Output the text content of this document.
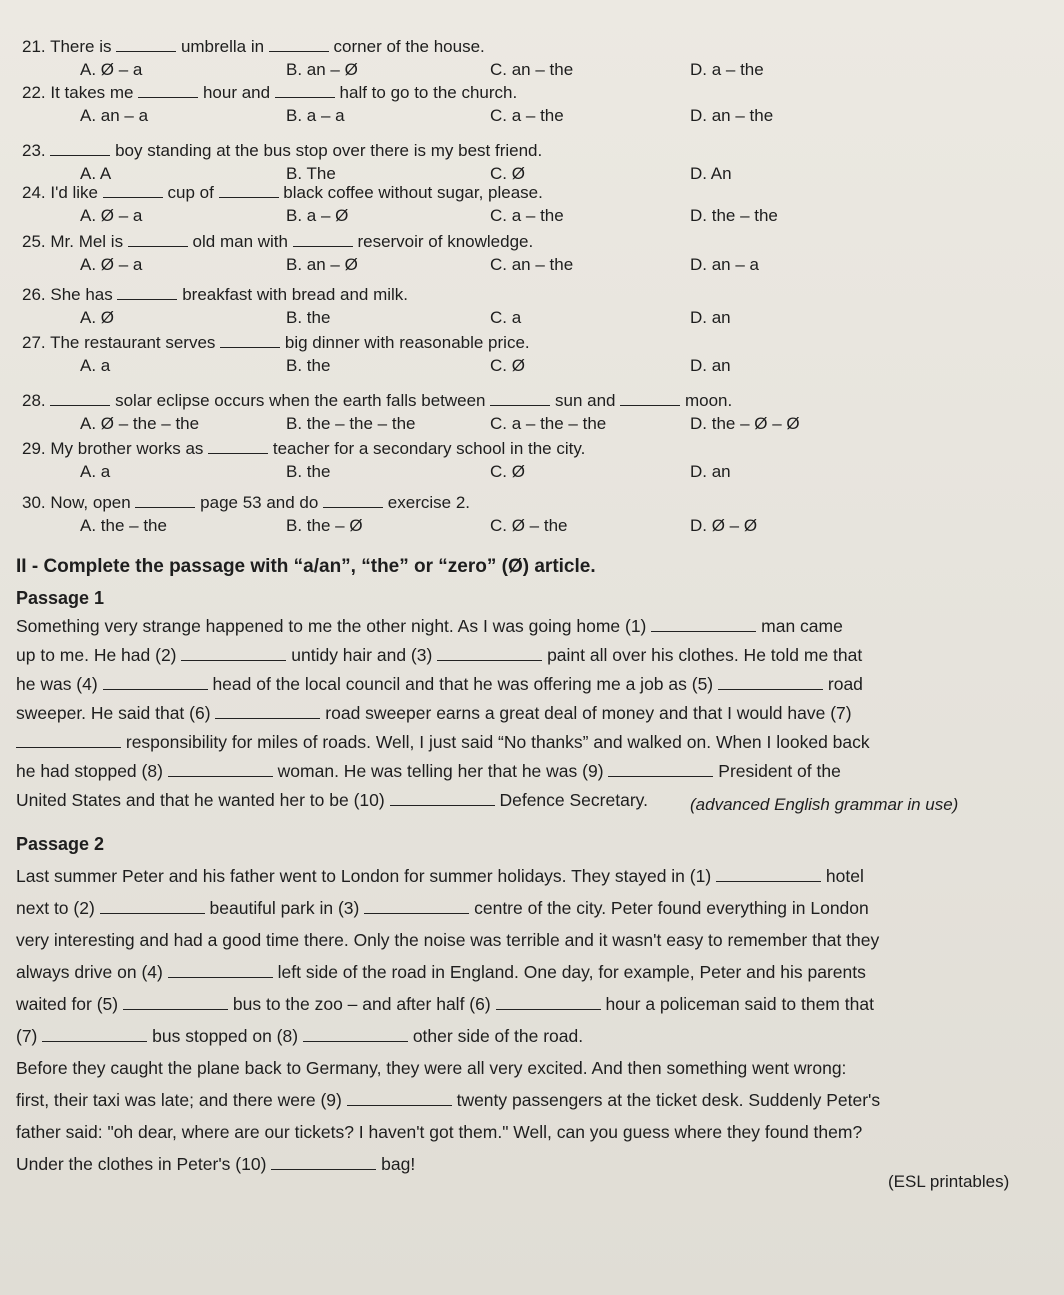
21. There is	umbrella in	corner of the house.
A. Ø – a	B. an – Ø	C. an – the	D. a – the
22. It takes me	hour and	half to go to the church.
A. an – a	B. a – a	C. a – the	D. an – the
23.	boy standing at the bus stop over there is my best friend.
A. A	B. The	C. Ø	D. An
24. I'd like	cup of	black coffee without sugar, please.
A. Ø – a	B. a – Ø	C. a – the	D. the – the
25. Mr. Mel is	old man with	reservoir of knowledge.
A. Ø – a	B. an – Ø	C. an – the	D. an – a
26. She has	breakfast with bread and milk.
A. Ø	B. the	C. a	D. an
27. The restaurant serves	big dinner with reasonable price.
A. a	B. the	C. Ø	D. an
28.	solar eclipse occurs when the earth falls between	sun and	moon.
A. Ø – the – the	B. the – the – the	C. a – the – the	D. the – Ø – Ø
29. My brother works as	teacher for a secondary school in the city.
A. a	B. the	C. Ø	D. an
30. Now, open	page 53 and do	exercise 2.
A. the – the	B. the – Ø	C. Ø – the	D. Ø – Ø
II - Complete the passage with “a/an”, “the” or “zero” (Ø) article.
Passage 1
Something very strange happened to me the other night. As I was going home (1)	man came
up to me. He had (2)	untidy hair and (3)	paint all over his clothes. He told me that
he was (4)	head of the local council and that he was offering me a job as (5)	road
sweeper. He said that (6)	road sweeper earns a great deal of money and that I would have (7)
responsibility for miles of roads. Well, I just said “No thanks” and walked on. When I looked back
he had stopped (8)	woman. He was telling her that he was (9)	President of the
United States and that he wanted her to be (10)	Defence Secretary.	(advanced English grammar in use)
Passage 2
Last summer Peter and his father went to London for summer holidays. They stayed in (1)	hotel
next to (2)	beautiful park in (3)	centre of the city. Peter found everything in London
very interesting and had a good time there. Only the noise was terrible and it wasn't easy to remember that they
always drive on (4)	left side of the road in England. One day, for example, Peter and his parents
waited for (5)	bus to the zoo – and after half (6)	hour a policeman said to them that
(7)	bus stopped on (8)	other side of the road.
Before they caught the plane back to Germany, they were all very excited. And then something went wrong:
first, their taxi was late; and there were (9)	twenty passengers at the ticket desk. Suddenly Peter's
father said: "oh dear, where are our tickets? I haven't got them." Well, can you guess where they found them?
Under the clothes in Peter's (10)	bag!
(ESL printables)
